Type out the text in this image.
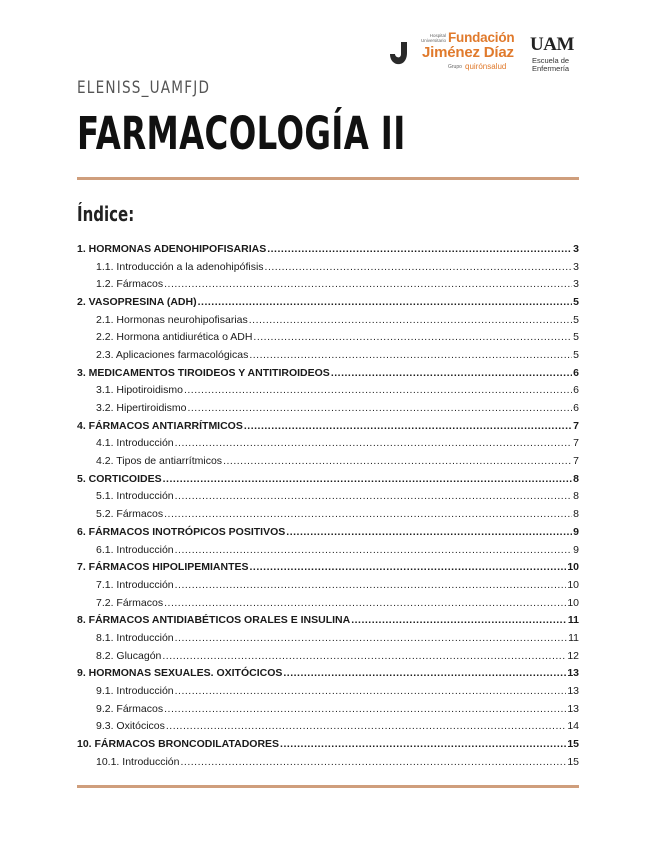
Hospital Universitario Fundación
Jiménez Díaz
Grupo quirónsalud
UAM
Escuela de
Enfermería
ELENISS_UAMFJD
FARMACOLOGÍA II
Índice:
1. HORMONAS ADENOHIPOFISARIAS .....	3
1.1. Introducción a la adenohipófisis .....	3
1.2. Fármacos .....	3
2. VASOPRESINA (ADH) .....	5
2.1. Hormonas neurohipofisarias .....	5
2.2. Hormona antidiurética o ADH .....	5
2.3. Aplicaciones farmacológicas .....	5
3. MEDICAMENTOS TIROIDEOS Y ANTITIROIDEOS .....	6
3.1. Hipotiroidismo .....	6
3.2. Hipertiroidismo .....	6
4. FÁRMACOS ANTIARRÍTMICOS .....	7
4.1. Introducción .....	7
4.2. Tipos de antiarrítmicos .....	7
5. CORTICOIDES .....	8
5.1. Introducción .....	8
5.2. Fármacos .....	8
6. FÁRMACOS INOTRÓPICOS POSITIVOS .....	9
6.1. Introducción .....	9
7. FÁRMACOS HIPOLIPEMIANTES .....	10
7.1. Introducción .....	10
7.2. Fármacos .....	10
8. FÁRMACOS ANTIDIABÉTICOS ORALES E INSULINA .....	11
8.1. Introducción .....	11
8.2. Glucagón .....	12
9. HORMONAS SEXUALES. OXITÓCICOS .....	13
9.1. Introducción .....	13
9.2. Fármacos .....	13
9.3. Oxitócicos .....	14
10. FÁRMACOS BRONCODILATADORES .....	15
10.1. Introducción .....	15
